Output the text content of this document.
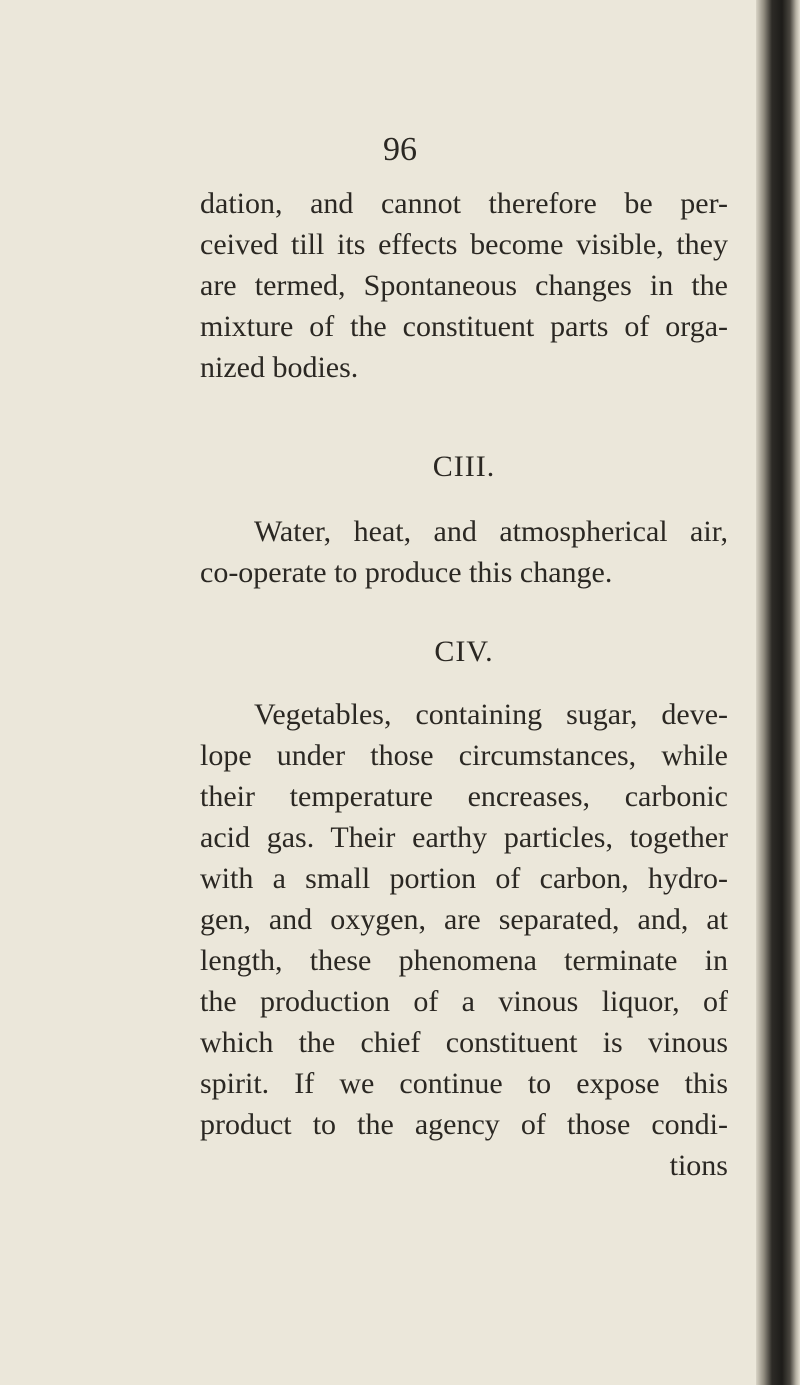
96
dation, and cannot therefore be per-
ceived till its effects become visible, they
are termed, Spontaneous changes in the
mixture of the constituent parts of orga-
nized bodies.
CIII.
Water, heat, and atmospherical air,
co-operate to produce this change.
CIV.
Vegetables, containing sugar, deve-
lope under those circumstances, while
their temperature encreases, carbonic
acid gas. Their earthy particles, together
with a small portion of carbon, hydro-
gen, and oxygen, are separated, and, at
length, these phenomena terminate in
the production of a vinous liquor, of
which the chief constituent is vinous
spirit. If we continue to expose this
product to the agency of those condi-
tions
